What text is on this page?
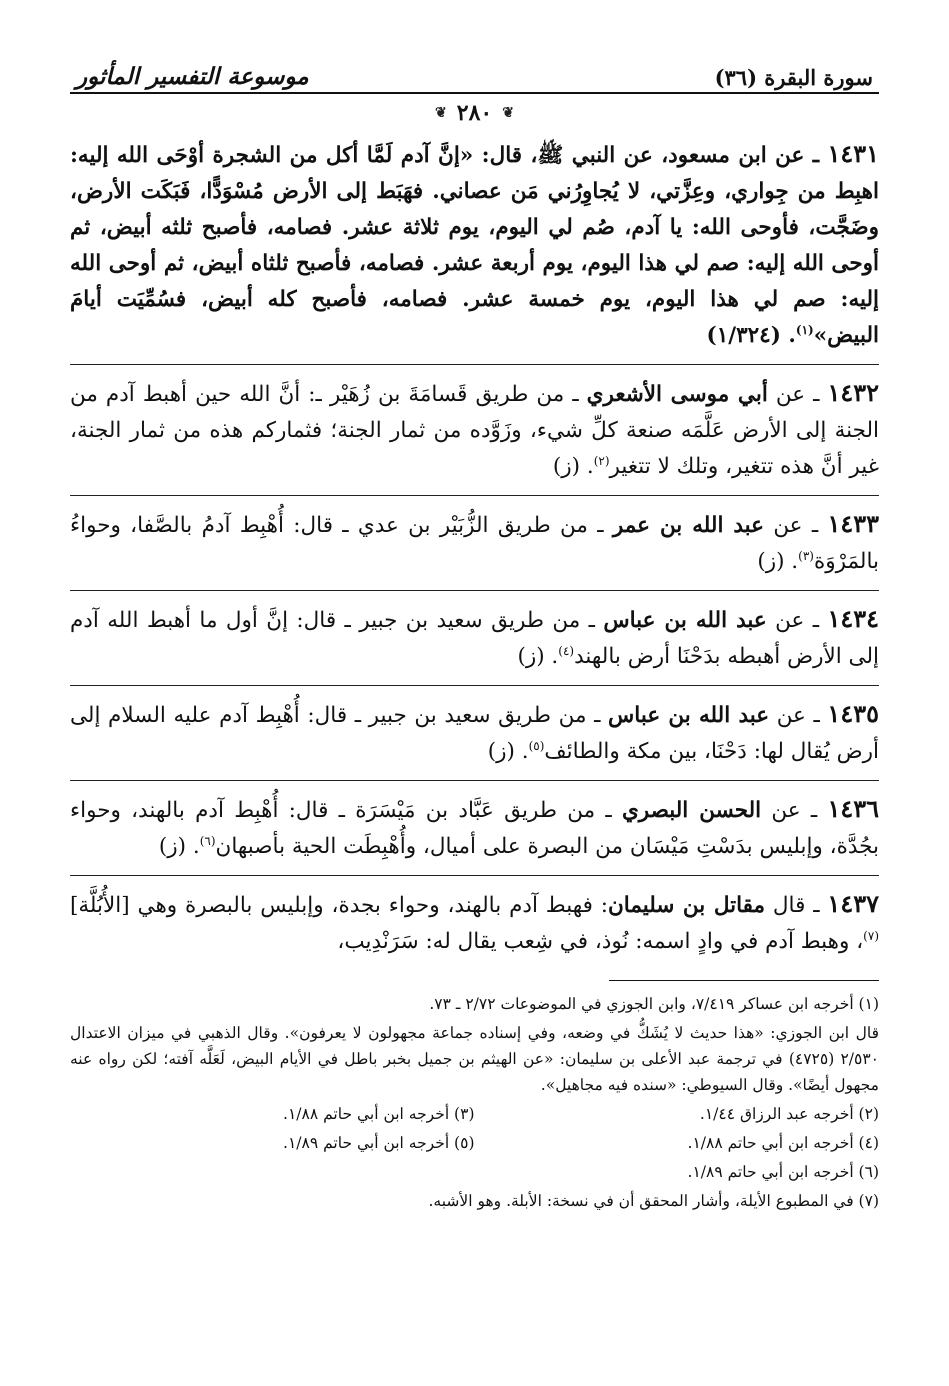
سورة البقرة (٣٦)
موسوعة التفسير المأثور
❦
٢٨٠
❦

١٤٣١ ـ عن ابن مسعود، عن النبي ﷺ، قال: «إنَّ آدم لَمَّا أكل من الشجرة أوْحَى الله إليه: اهبِط من جِواري، وعِزَّتي، لا يُجاوِرُني مَن عصاني. فهَبَط إلى الأرض مُسْوَدًّا، فَبَكَت الأرض، وضَجَّت، فأوحى الله: يا آدم، صُم لي اليوم، يوم ثلاثة عشر. فصامه، فأصبح ثلثه أبيض، ثم أوحى الله إليه: صم لي هذا اليوم، يوم أربعة عشر. فصامه، فأصبح ثلثاه أبيض، ثم أوحى الله إليه: صم لي هذا اليوم، يوم خمسة عشر. فصامه، فأصبح كله أبيض، فسُمِّيَت أيامَ البيض»$^{(١)}$. (١/٣٢٤)

١٤٣٢ ـ عن أبي موسى الأشعري ـ من طريق قَسامَةَ بن زُهَيْر ـ: أنَّ الله حين أهبط آدم من الجنة إلى الأرض عَلَّمَه صنعة كلِّ شيء، وزَوَّده من ثمار الجنة؛ فثماركم هذه من ثمار الجنة، غير أنَّ هذه تتغير، وتلك لا تتغير$^{(٢)}$. (ز)

١٤٣٣ ـ عن عبد الله بن عمر ـ من طريق الزُّبَيْر بن عدي ـ قال: أُهْبِط آدمُ بالصَّفا، وحواءُ بالمَرْوَة$^{(٣)}$. (ز)

١٤٣٤ ـ عن عبد الله بن عباس ـ من طريق سعيد بن جبير ـ قال: إنَّ أول ما أهبط الله آدم إلى الأرض أهبطه بدَحْنَا أرض بالهند$^{(٤)}$. (ز)

١٤٣٥ ـ عن عبد الله بن عباس ـ من طريق سعيد بن جبير ـ قال: أُهْبِط آدم عليه السلام إلى أرض يُقال لها: دَحْنَا، بين مكة والطائف$^{(٥)}$. (ز)

١٤٣٦ ـ عن الحسن البصري ـ من طريق عَبَّاد بن مَيْسَرَة ـ قال: أُهْبِط آدم بالهند، وحواء بجُدَّة، وإبليس بدَسْتِ مَيْسَان من البصرة على أميال، وأُهْبِطَت الحية بأصبهان$^{(٦)}$. (ز)

١٤٣٧ ـ قال مقاتل بن سليمان: فهبط آدم بالهند، وحواء بجدة، وإبليس بالبصرة وهي [الأُبُلَّة]$^{(٧)}$، وهبط آدم في وادٍ اسمه: نُوذ، في شِعب يقال له: سَرَنْدِيب،

(١) أخرجه ابن عساكر ٧/٤١٩، وابن الجوزي في الموضوعات ٢/٧٢ ـ ٧٣.

قال ابن الجوزي: «هذا حديث لا يُشَكُّ في وضعه، وفي إسناده جماعة مجهولون لا يعرفون». وقال الذهبي في ميزان الاعتدال ٢/٥٣٠ (٤٧٢٥) في ترجمة عبد الأعلى بن سليمان: «عن الهيثم بن جميل بخبر باطل في الأيام البيض، لَعَلَّه آفته؛ لكن رواه عنه مجهول أيضًا». وقال السيوطي: «سنده فيه مجاهيل».

(٢) أخرجه عبد الرزاق ١/٤٤.
(٣) أخرجه ابن أبي حاتم ١/٨٨.
(٤) أخرجه ابن أبي حاتم ١/٨٨.
(٥) أخرجه ابن أبي حاتم ١/٨٩.

(٦) أخرجه ابن أبي حاتم ١/٨٩.

(٧) في المطبوع الأيلة، وأشار المحقق أن في نسخة: الأبلة. وهو الأشبه.
